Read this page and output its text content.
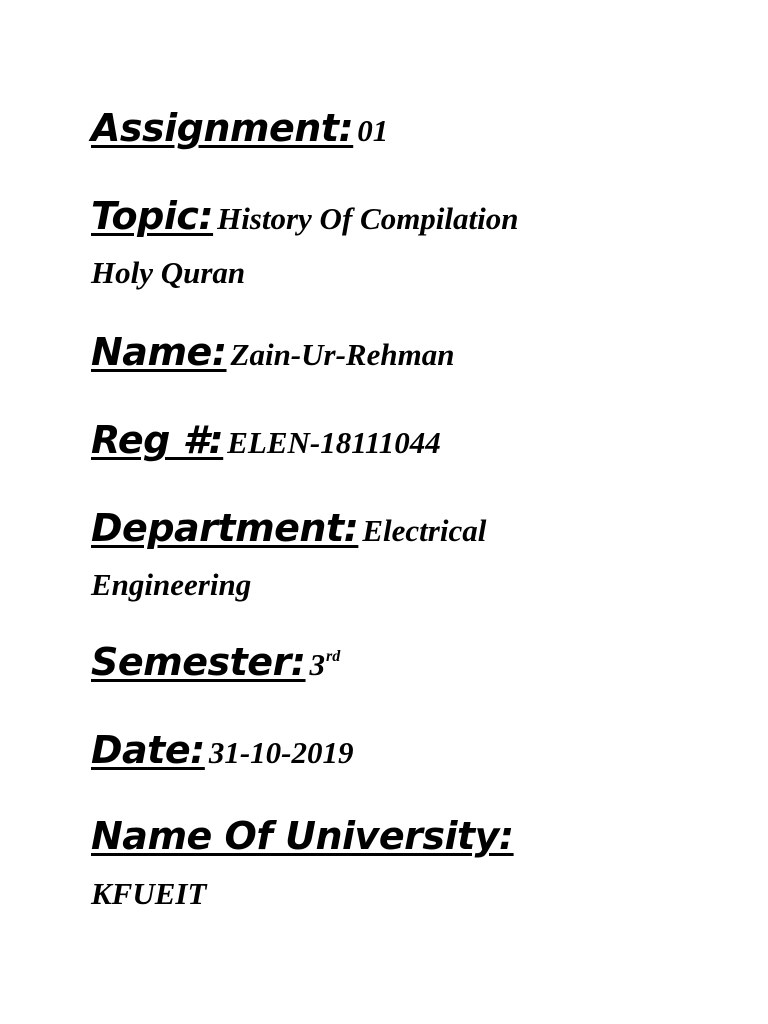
Assignment: 01
Topic: History Of Compilation
Holy Quran
Name: Zain-Ur-Rehman
Reg #: ELEN-18111044
Department: Electrical
Engineering
Semester: 3rd
Date: 31-10-2019
Name Of University:
KFUEIT
